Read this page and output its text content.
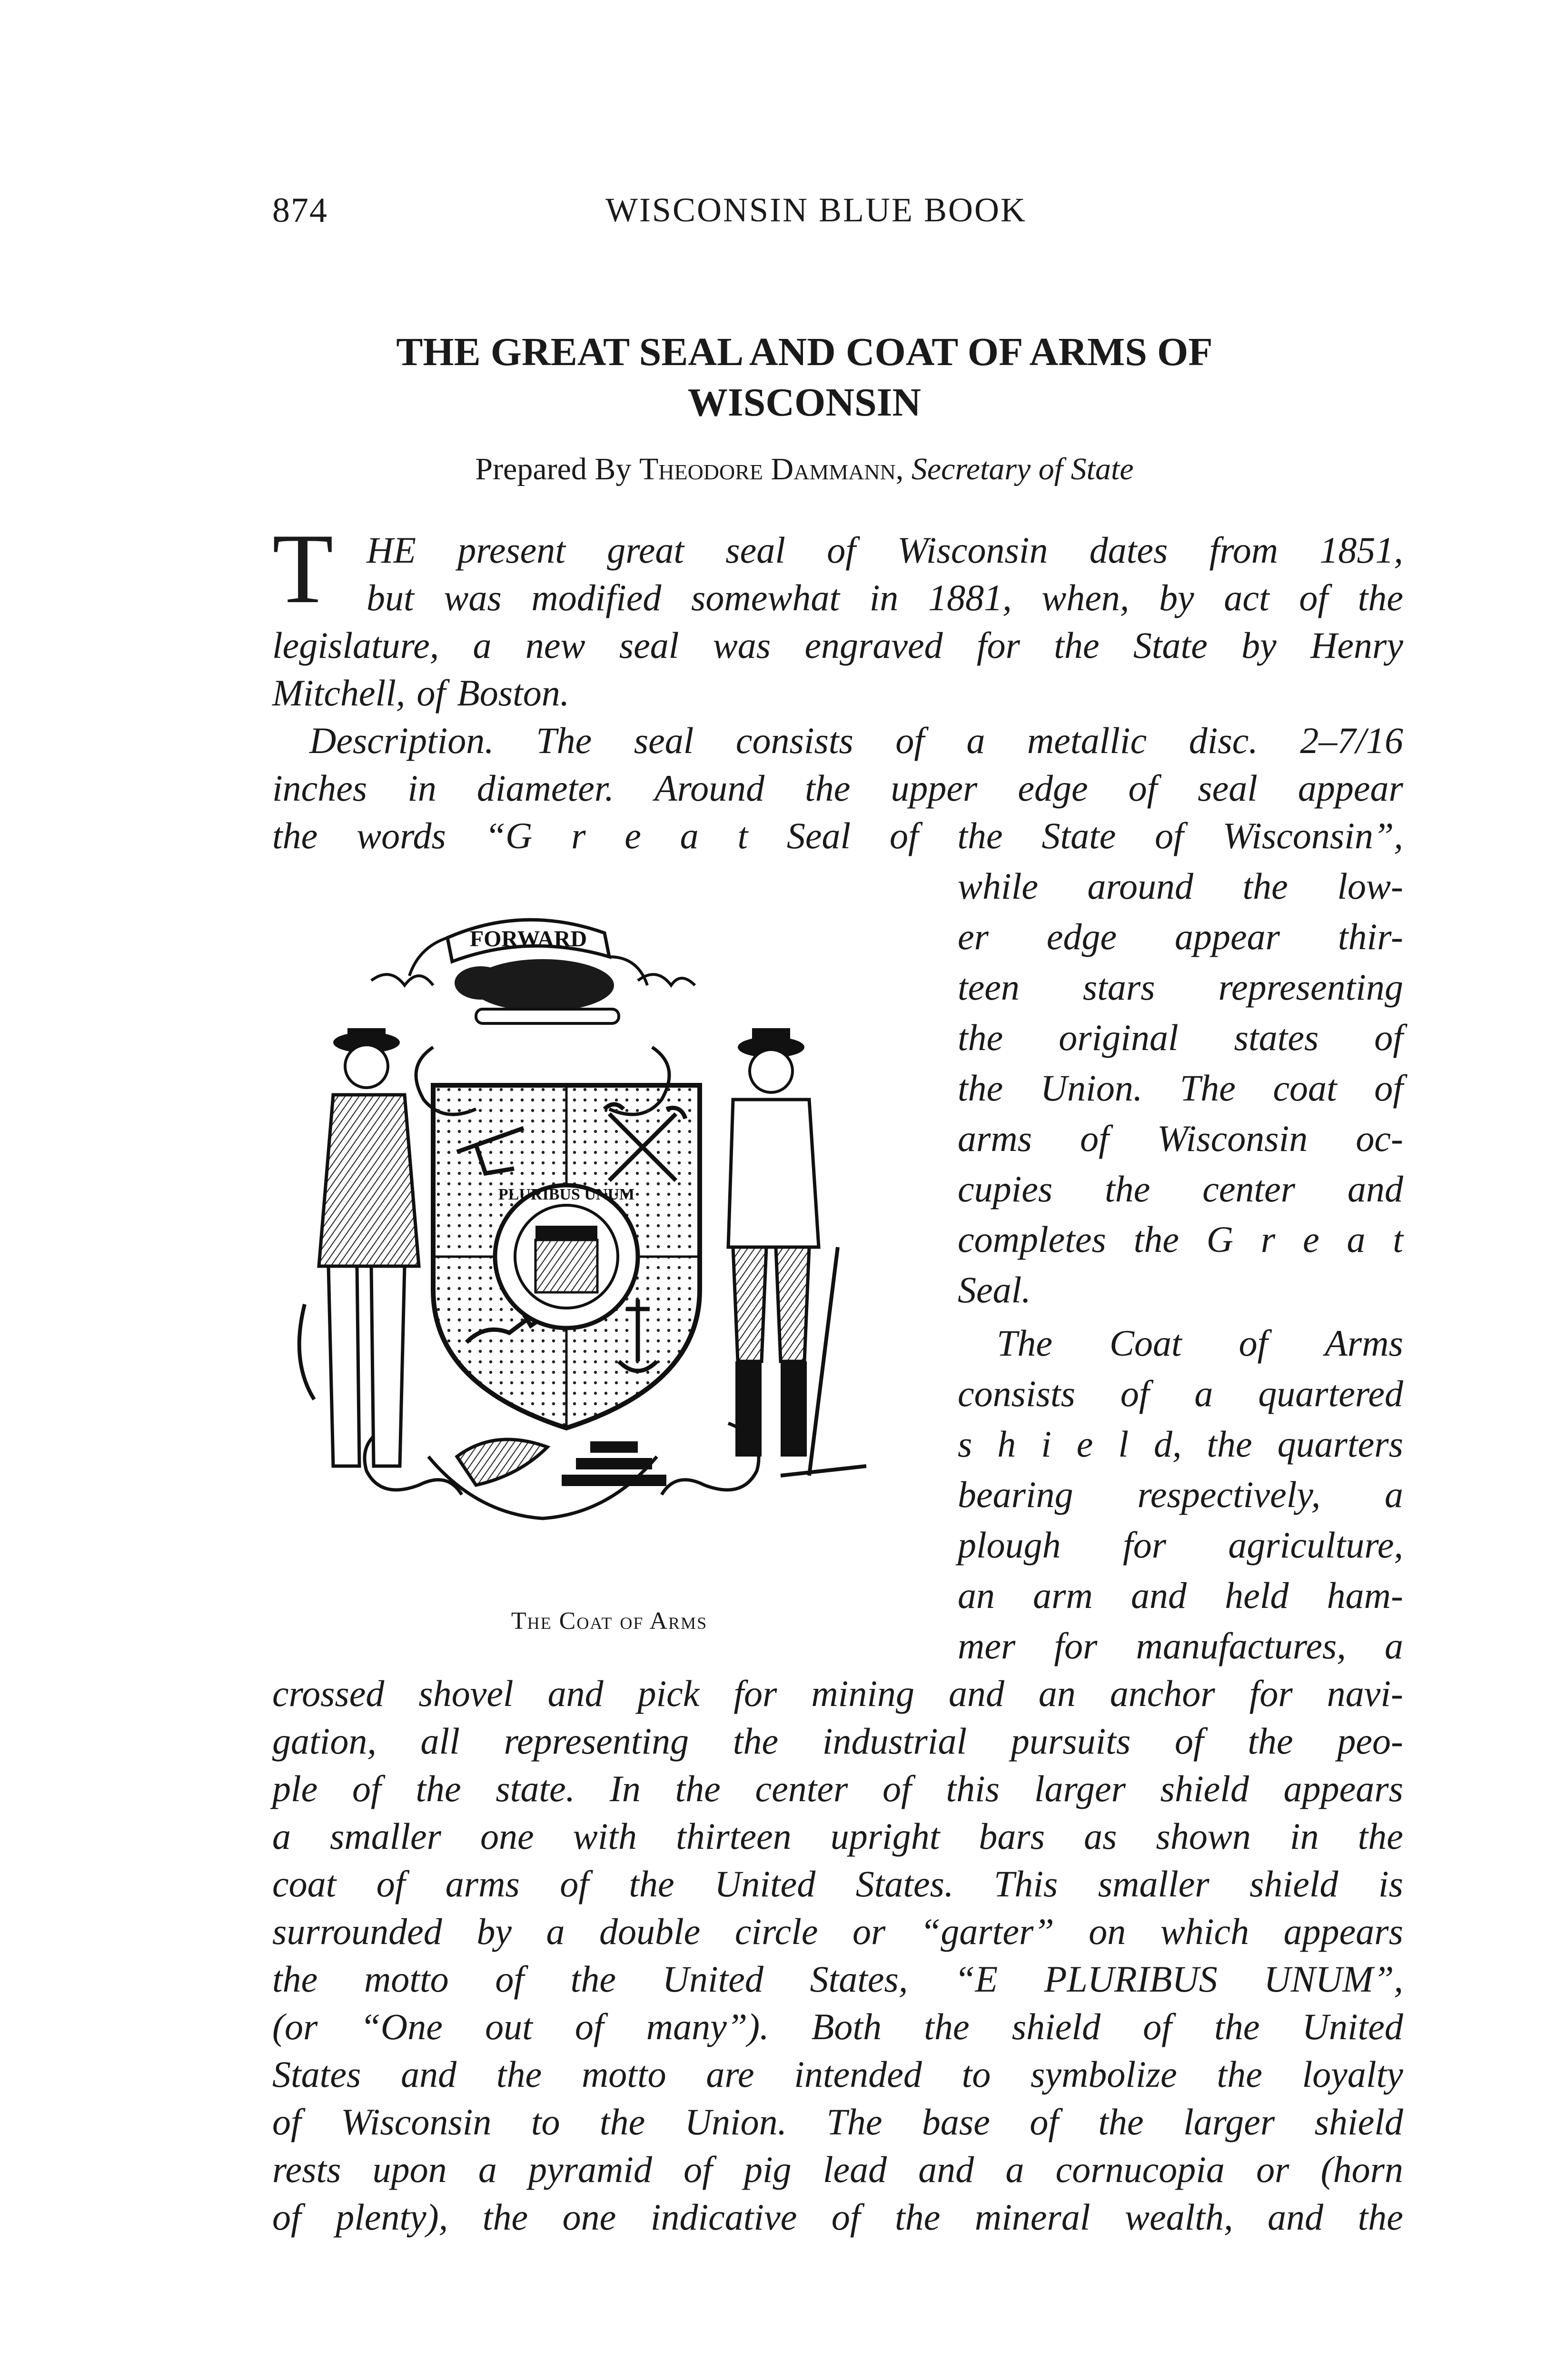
874	WISCONSIN BLUE BOOK
THE GREAT SEAL AND COAT OF ARMS OF
WISCONSIN
Prepared By Theodore Dammann, Secretary of State
T HE present great seal of Wisconsin dates from 1851,
but was modified somewhat in 1881, when, by act of the
legislature, a new seal was engraved for the State by Henry
Mitchell, of Boston.
Description. The seal consists of a metallic disc. 2–7/16
inches in diameter. Around the upper edge of seal appear
the words “G r e a t Seal of the State of Wisconsin”,
while around the low-
er edge appear thir-
teen stars representing
the original states of
the Union. The coat of
arms of Wisconsin oc-
cupies the center and
completes the G r e a t
Seal.
The Coat of Arms
consists of a quartered
s h i e l d, the quarters
bearing respectively, a
plough for agriculture,
an arm and held ham-
mer for manufactures, a
crossed shovel and pick for mining and an anchor for navi-
gation, all representing the industrial pursuits of the peo-
ple of the state. In the center of this larger shield appears
a smaller one with thirteen upright bars as shown in the
coat of arms of the United States. This smaller shield is
surrounded by a double circle or “garter” on which appears
the motto of the United States, “E PLURIBUS UNUM”,
(or “One out of many”). Both the shield of the United
States and the motto are intended to symbolize the loyalty
of Wisconsin to the Union. The base of the larger shield
rests upon a pyramid of pig lead and a cornucopia or (horn
of plenty), the one indicative of the mineral wealth, and the
FORWARD
PLURIBUS UNUM
The Coat of Arms
